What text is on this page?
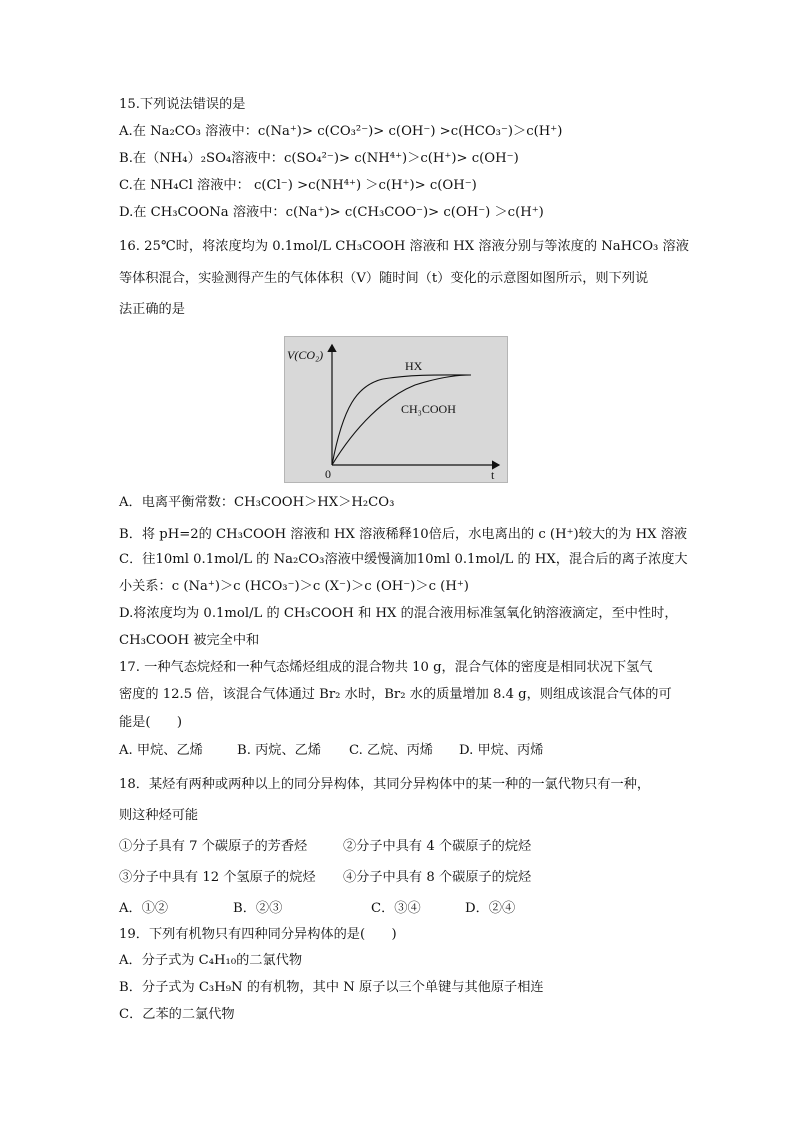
15.下列说法错误的是
A.在 Na₂CO₃ 溶液中：c(Na⁺)> c(CO₃²⁻)> c(OH⁻) >c(HCO₃⁻)＞c(H⁺)
B.在（NH₄）₂SO₄溶液中：c(SO₄²⁻)> c(NH⁴⁺)＞c(H⁺)> c(OH⁻)
C.在 NH₄Cl 溶液中： c(Cl⁻) >c(NH⁴⁺) ＞c(H⁺)> c(OH⁻)
D.在 CH₃COONa 溶液中：c(Na⁺)> c(CH₃COO⁻)> c(OH⁻) ＞c(H⁺)
16. 25℃时，将浓度均为 0.1mol/L CH₃COOH 溶液和 HX 溶液分别与等浓度的 NaHCO₃ 溶液
等体积混合，实验测得产生的气体体积（V）随时间（t）变化的示意图如图所示，则下列说
法正确的是
V(CO₂)
t
0
HX
CH₃COOH
A．电离平衡常数：CH₃COOH＞HX＞H₂CO₃
B．将 pH=2的 CH₃COOH 溶液和 HX 溶液稀释10倍后，水电离出的 c (H⁺)较大的为 HX 溶液
C．往10ml 0.1mol/L 的 Na₂CO₃溶液中缓慢滴加10ml 0.1mol/L 的 HX，混合后的离子浓度大
小关系：c (Na⁺)＞c (HCO₃⁻)＞c (X⁻)＞c (OH⁻)＞c (H⁺)
D.将浓度均为 0.1mol/L 的 CH₃COOH 和 HX 的混合液用标准氢氧化钠溶液滴定，至中性时，
CH₃COOH 被完全中和
17. 一种气态烷烃和一种气态烯烃组成的混合物共 10 g，混合气体的密度是相同状况下氢气
密度的 12.5 倍，该混合气体通过 Br₂ 水时，Br₂ 水的质量增加 8.4 g，则组成该混合气体的可
能是(　　)
A. 甲烷、乙烯	B. 丙烷、乙烯 C. 乙烷、丙烯 D. 甲烷、丙烯
18．某烃有两种或两种以上的同分异构体，其同分异构体中的某一种的一氯代物只有一种，
则这种烃可能
①分子具有 7 个碳原子的芳香烃	②分子中具有 4 个碳原子的烷烃
③分子中具有 12 个氢原子的烷烃 ④分子中具有 8 个碳原子的烷烃
A．①②	B．②③	C．③④	D．②④
19．下列有机物只有四种同分异构体的是(　　)
A．分子式为 C₄H₁₀的二氯代物
B．分子式为 C₃H₉N 的有机物，其中 N 原子以三个单键与其他原子相连
C．乙苯的二氯代物
